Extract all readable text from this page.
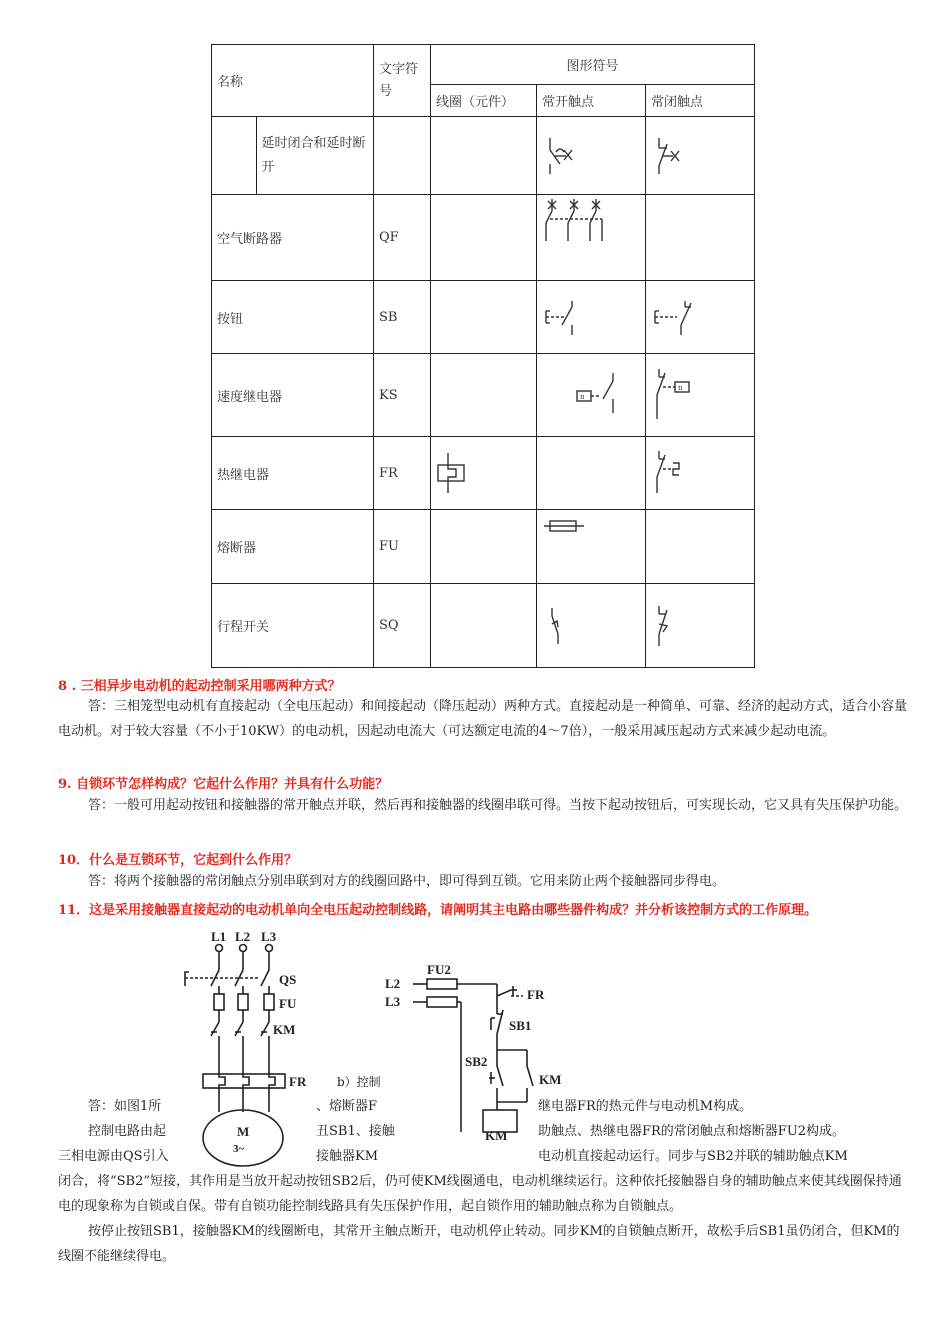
名称		文字符号	图形符号		
			线圈（元件）	常开触点	常闭触点
	延时闭合和延时断开			

空气断路器		QF		

按钮		SB		

速度继电器		KS		n	n

热继电器		FR	

熔断器		FU		

行程开关		SQ		

8 . 三相异步电动机的起动控制采用哪两种方式？
答：三相笼型电动机有直接起动（全电压起动）和间接起动（降压起动）两种方式。直接起动是一种简单、可靠、经济的起动方式，适合小容量电动机。对于较大容量（不小于10KW）的电动机，因起动电流大（可达额定电流的4～7倍），一般采用减压起动方式来减少起动电流。
9. 自锁环节怎样构成？它起什么作用？并具有什么功能？
答：一般可用起动按钮和接触器的常开触点并联，然后再和接触器的线圈串联可得。当按下起动按钮后，可实现长动，它又具有失压保护功能。
10．什么是互锁环节，它起到什么作用？
答：将两个接触器的常闭触点分别串联到对方的线圈回路中，即可得到互锁。它用来防止两个接触器同步得电。
11．这是采用接触器直接起动的电动机单向全电压起动控制线路，请阐明其主电路由哪些器件构成？并分析该控制方式的工作原理。
L1 L2 L3
QS
FU
KM
FR
M
3~
L2
L3
FU2
FR
SB1
SB2
KM
KM
b）控制
答：如图1所	、熔断器F	继电器FR的热元件与电动机M构成。
控制电路由起	丑SB1、接触	助触点、热继电器FR的常闭触点和熔断器FU2构成。
三相电源由QS引入	接触器KM	电动机直接起动运行。同步与SB2并联的辅助触点KM
闭合，将“SB2”短接，其作用是当放开起动按钮SB2后，仍可使KM线圈通电，电动机继续运行。这种依托接触器自身的辅助触点来使其线圈保持通电的现象称为自锁或自保。带有自锁功能控制线路具有失压保护作用，起自锁作用的辅助触点称为自锁触点。
按停止按钮SB1，接触器KM的线圈断电，其常开主触点断开，电动机停止转动。同步KM的自锁触点断开，故松手后SB1虽仍闭合，但KM的线圈不能继续得电。
